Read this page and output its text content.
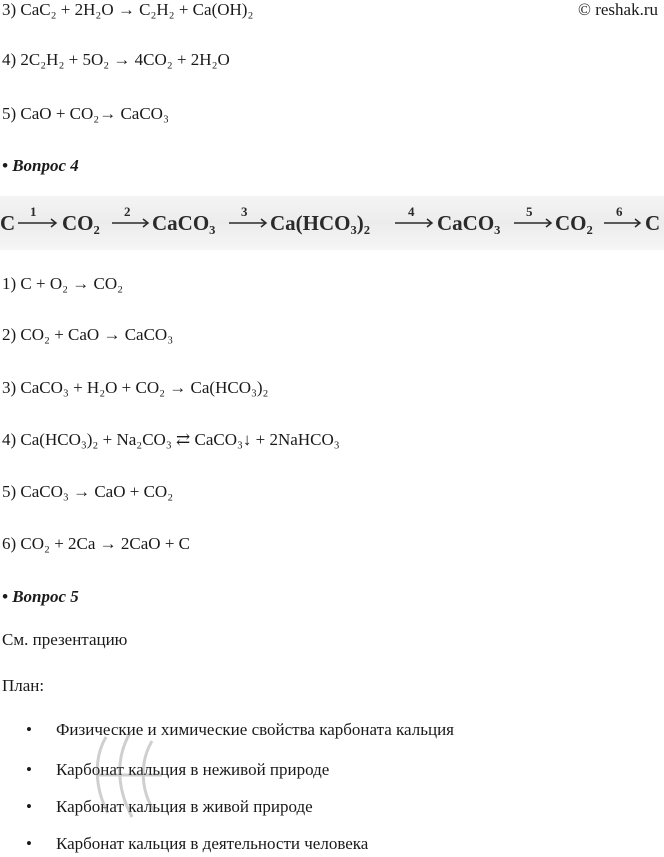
© reshak.ru
3) CaC₂ + 2H₂O → C₂H₂ + Ca(OH)₂
4) 2C₂H₂ + 5O₂ → 4CO₂ + 2H₂O
5) CaO + CO₂→ CaCO₃
• Вопрос 4
C CO₂ CaCO₃	Ca(HCO₃)₂	CaCO₃	CO₂ C
1	2	3	4	5	6
1) C + O₂ → CO₂
2) CO₂ + CaO → CaCO₃
3) CaCO₃ + H₂O + CO₂ → Ca(HCO₃)₂
4) Ca(HCO₃)₂ + Na₂CO₃ ⇄ CaCO₃↓ + 2NaHCO₃
5) CaCO₃ → CaO + CO₂
6) CO₂ + 2Ca → 2CaO + C
• Вопрос 5
См. презентацию
План:
• Физические и химические свойства карбоната кальция
• Карбонат кальция в неживой природе
• Карбонат кальция в живой природе
• Карбонат кальция в деятельности человека
